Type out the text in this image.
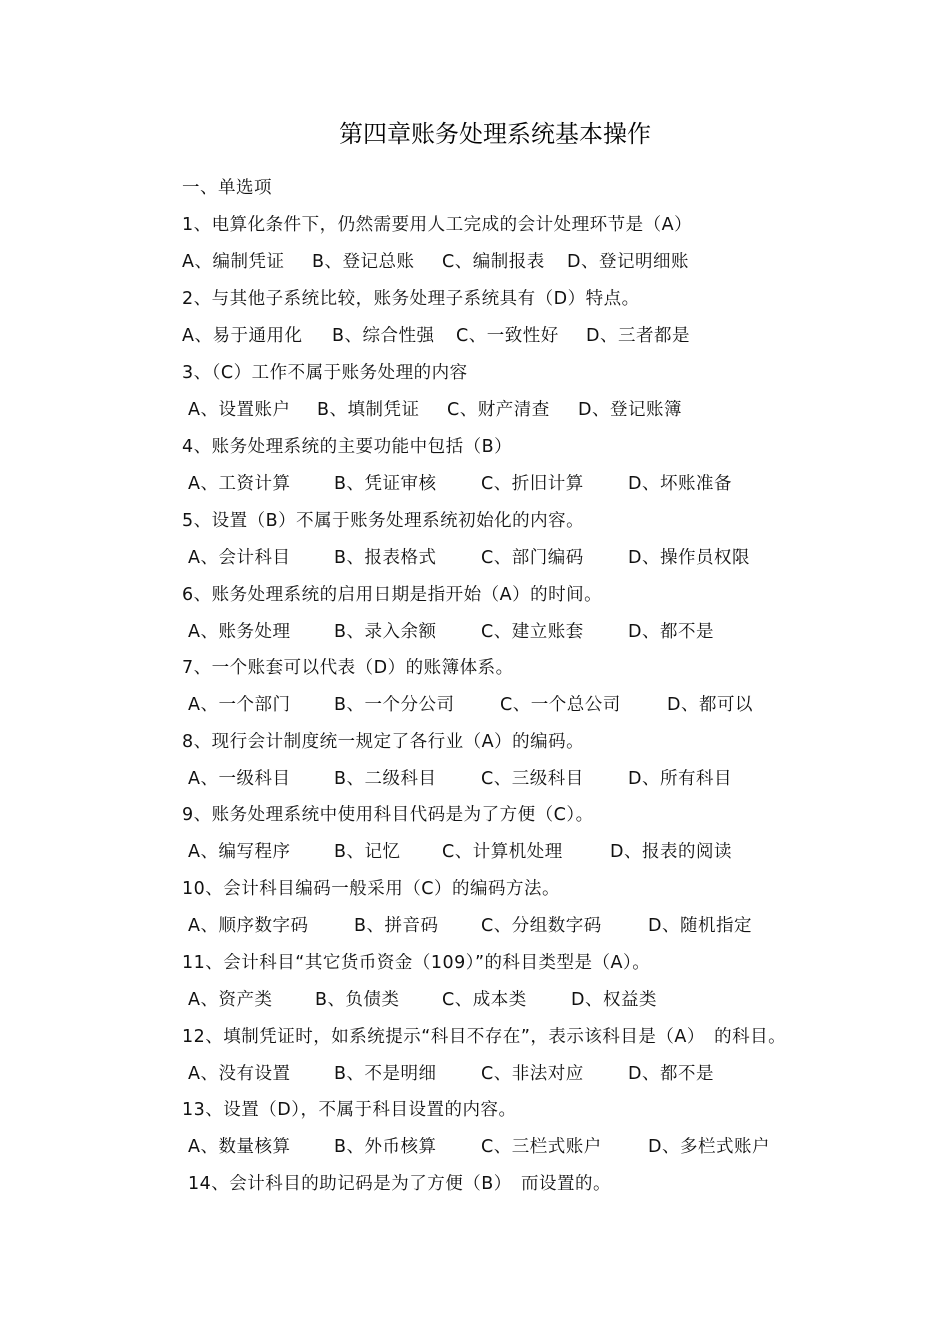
第四章账务处理系统基本操作
一、单选项
1、电算化条件下，仍然需要用人工完成的会计处理环节是（A）
A、编制凭证 B、登记总账 C、编制报表 D、登记明细账
2、与其他子系统比较，账务处理子系统具有（D）特点。
A、易于通用化 B、综合性强 C、一致性好 D、三者都是
3、（C）工作不属于账务处理的内容
A、设置账户 B、填制凭证 C、财产清查 D、登记账簿
4、账务处理系统的主要功能中包括（B）
A、工资计算 B、凭证审核	C、折旧计算	D、坏账准备
5、设置（B）不属于账务处理系统初始化的内容。
A、会计科目 B、报表格式	C、部门编码	D、操作员权限
6、账务处理系统的启用日期是指开始（A）的时间。
A、账务处理 B、录入余额	C、建立账套	D、都不是
7、一个账套可以代表（D）的账簿体系。
A、一个部门 B、一个分公司	C、一个总公司	D、都可以
8、现行会计制度统一规定了各行业（A）的编码。
A、一级科目 B、二级科目	C、三级科目	D、所有科目
9、账务处理系统中使用科目代码是为了方便（C）。
A、编写程序 B、记忆 C、计算机处理	D、报表的阅读
10、会计科目编码一般采用（C）的编码方法。
A、顺序数字码	B、拼音码 C、分组数字码	D、随机指定
11、会计科目“其它货币资金（109）”的科目类型是（A）。
A、资产类 B、负债类 C、成本类	D、权益类
12、填制凭证时，如系统提示“科目不存在”，表示该科目是（A）　的科目。
A、没有设置 B、不是明细	C、非法对应	D、都不是
13、设置（D），不属于科目设置的内容。
A、数量核算 B、外币核算	C、三栏式账户	D、多栏式账户
14、会计科目的助记码是为了方便（B）　而设置的。
